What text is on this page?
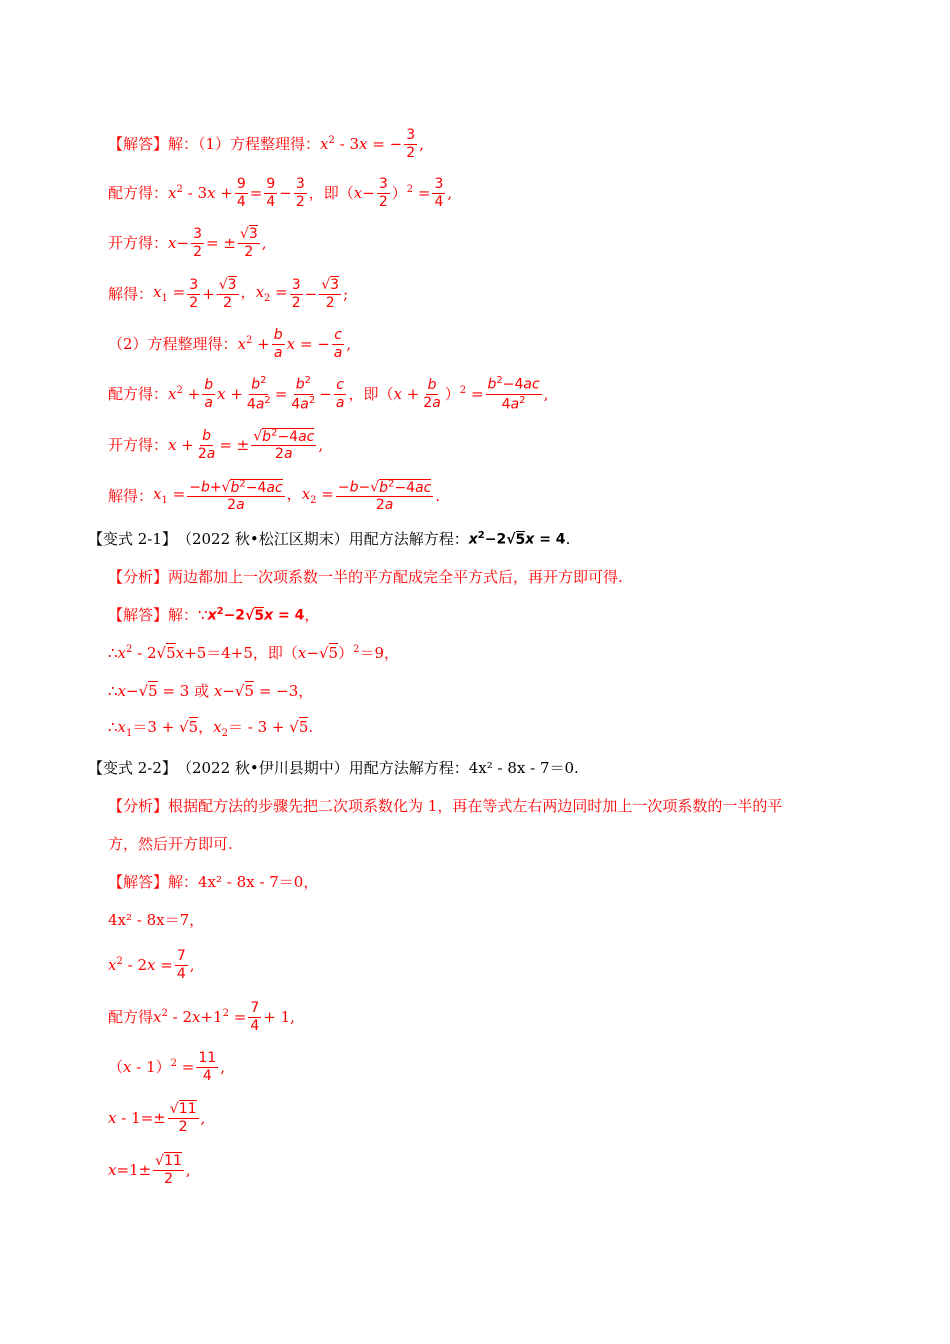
【解答】解：（1）方程整理得： $x^2 - 3x$ = − $\frac{3}{2}$ ,
配方得： $x^2 - 3x + \frac{9}{4} = \frac{9}{4} - \frac{3}{2}$ ，即$(x- \frac{3}{2} )^2 = \frac{3}{4}$ ,
开方得： $x- \frac{3}{2}$ = ± $\frac{√3}{2}$ ,
解得： $x_1 = \frac{3}{2} + \frac{√3}{2}$ ，$x_2 = \frac{3}{2} - \frac{√3}{2}$ ;
（2）方程整理得： $x^2 + \frac{b}{a}$ x = − $\frac{c}{a}$ ,
配方得： $x^2 + \frac{b}{a}$ $x + \frac{b^2}{4a^2} = \frac{b^2}{4a^2} - \frac{c}{a}$ ，即$(x + \frac{b}{2a} )^2 = \frac{b^2-4ac}{4a^2}$ ,
开方得： $x + \frac{b}{2a}$ = ± $\frac{√b^2-4ac}{2a}$ ,
解得： $x_1 = \frac{-b+√b^2-4ac}{2a}$ ，$x_2 = \frac{-b-√b^2-4ac}{2a}$ .
【变式 2-1】 （2022 秋•松江区期末）用配方法解方程： $x^2-2√5x = 4$ .
【分析】 两边都加上一次项系数一半的平方配成完全平方式后，再开方即可得.
【解答】 解： ∵ $x^2-2√5x = 4$ ，
$\therefore x^2 - 2√5x+5=4+5$，即$(x-√5)^2=9$，
∴x−√5 = 3 或 x−√5 = −3，
$\therefore x_1=3 + √5$，$x_2= - 3 + √5$.
【变式 2-2】 （2022 秋•伊川县期中）用配方法解方程：4x² - 8x - 7＝0.
【分析】 根据配方法的步骤先把二次项系数化为 1，再在等式左右两边同时加上一次项系数的一半的平
方，然后开方即可.
【解答】 解：4x² - 8x - 7＝0，
4x² - 8x＝7，
$x^2 - 2x = \frac{7}{4}$ ,
配方得 $x^2 - 2x+1^2 = \frac{7}{4} + 1$,
$(x - 1)^2 = \frac{11}{4}$ ,
$x - 1=\pm \frac{√11}{2}$ ,
$x=1\pm \frac{√11}{2}$ ,
